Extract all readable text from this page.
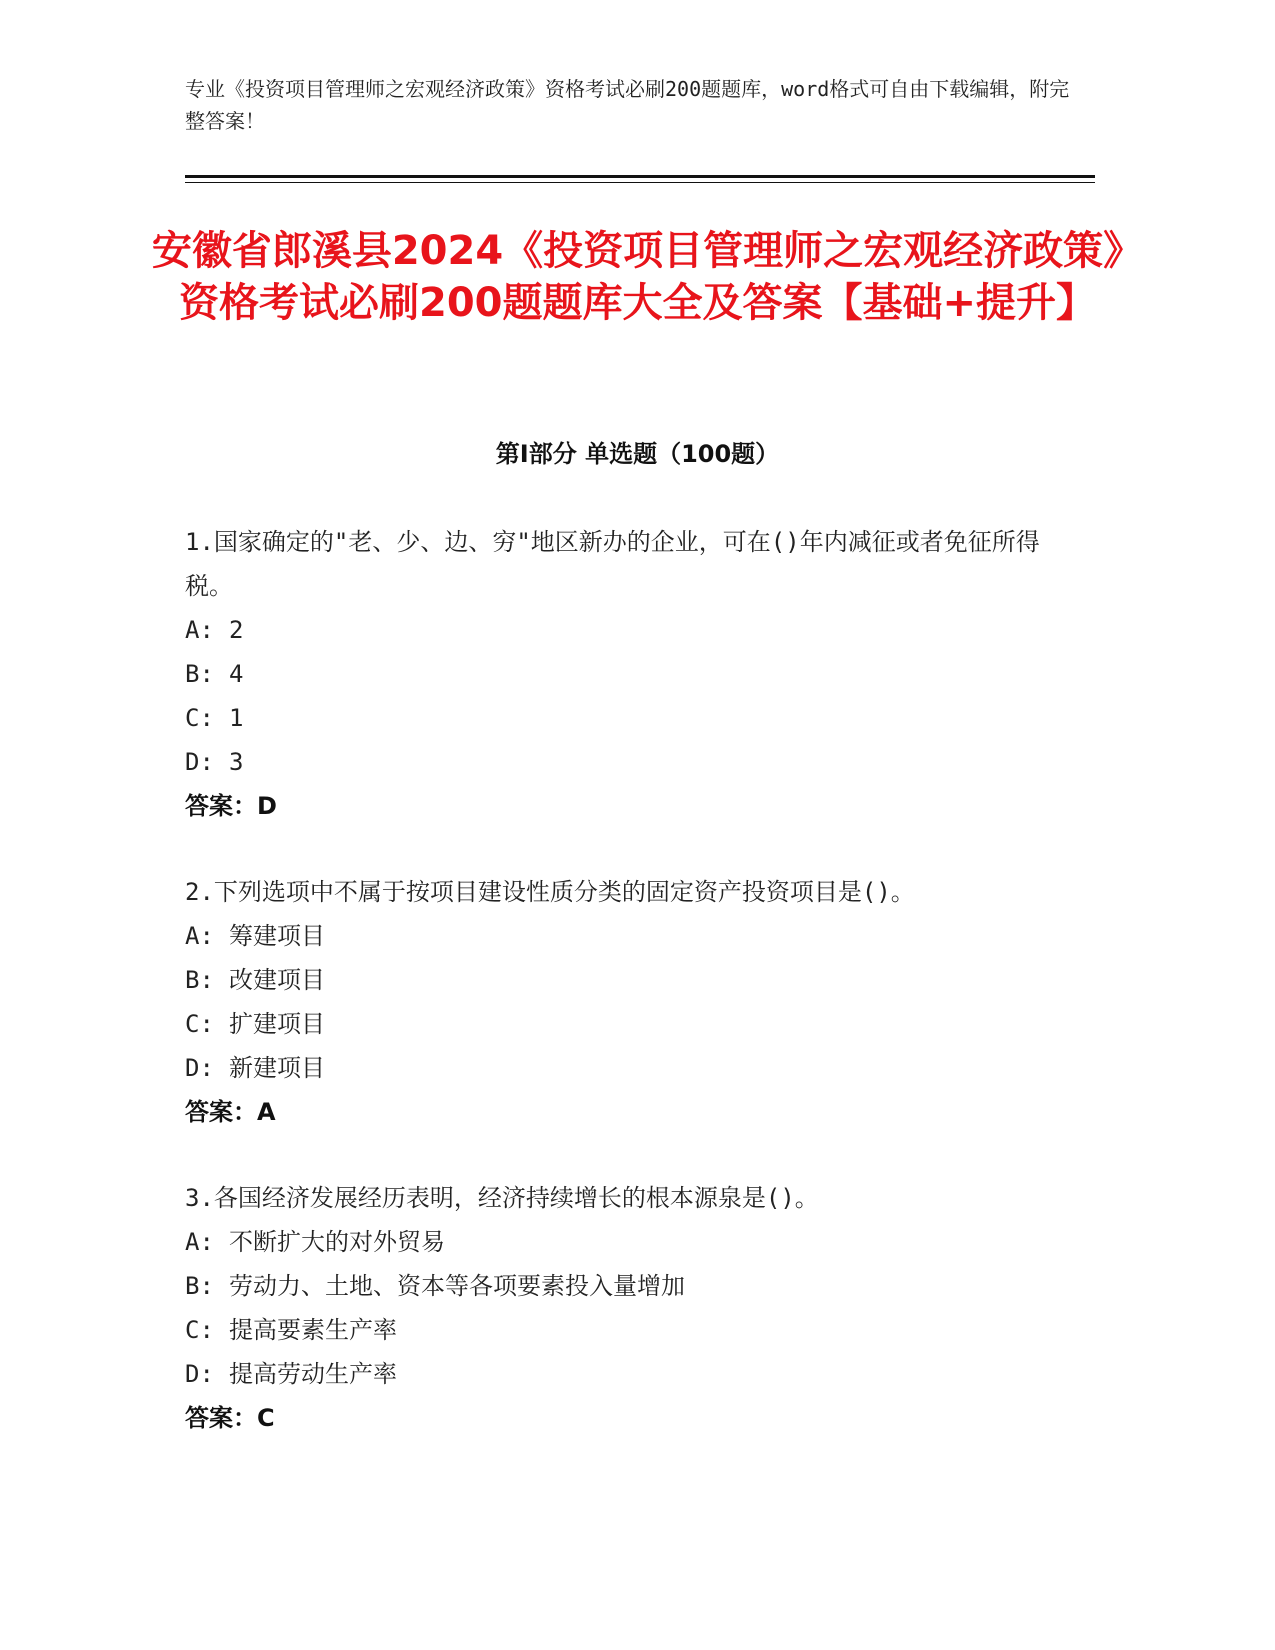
专业《投资项目管理师之宏观经济政策》资格考试必刷200题题库，word格式可自由下载编辑，附完整答案！
安徽省郎溪县2024《投资项目管理师之宏观经济政策》资格考试必刷200题题库大全及答案【基础+提升】
第Ⅰ部分 单选题（100题）

1.国家确定的"老、少、边、穷"地区新办的企业，可在()年内减征或者免征所得税。

A: 2
B: 4
C: 1
D: 3
答案：D

2.下列选项中不属于按项目建设性质分类的固定资产投资项目是()。

A: 筹建项目
B: 改建项目
C: 扩建项目
D: 新建项目
答案：A

3.各国经济发展经历表明，经济持续增长的根本源泉是()。

A: 不断扩大的对外贸易
B: 劳动力、土地、资本等各项要素投入量增加
C: 提高要素生产率
D: 提高劳动生产率
答案：C
